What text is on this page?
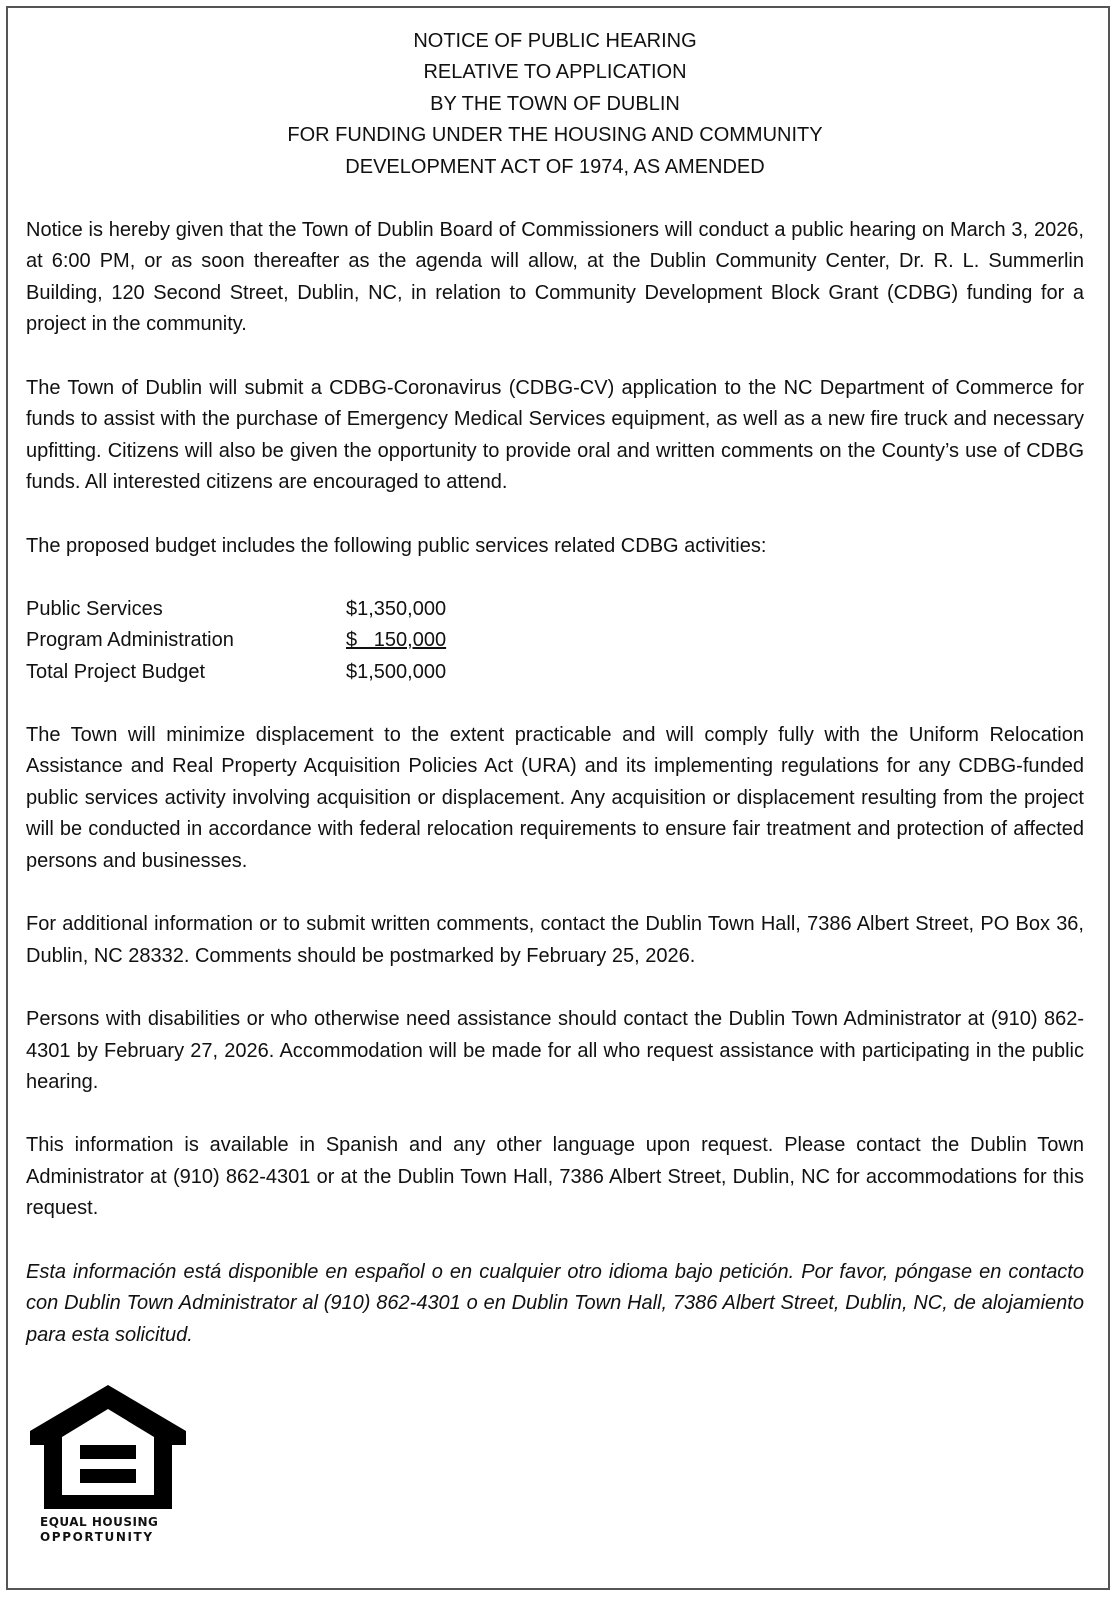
NOTICE OF PUBLIC HEARING
RELATIVE TO APPLICATION
BY THE TOWN OF DUBLIN
FOR FUNDING UNDER THE HOUSING AND COMMUNITY
DEVELOPMENT ACT OF 1974, AS AMENDED

Notice is hereby given that the Town of Dublin Board of Commissioners will conduct a public hearing on March 3, 2026, at 6:00 PM, or as soon thereafter as the agenda will allow, at the Dublin Community Center, Dr. R. L. Summerlin Building, 120 Second Street, Dublin, NC, in relation to Community Development Block Grant (CDBG) funding for a project in the community.

The Town of Dublin will submit a CDBG-Coronavirus (CDBG-CV) application to the NC Department of Commerce for funds to assist with the purchase of Emergency Medical Services equipment, as well as a new fire truck and necessary upfitting. Citizens will also be given the opportunity to provide oral and written comments on the County’s use of CDBG funds. All interested citizens are encouraged to attend.

The proposed budget includes the following public services related CDBG activities:

Public Services	$1,350,000
Program Administration	$   150,000
Total Project Budget	$1,500,000

The Town will minimize displacement to the extent practicable and will comply fully with the Uniform Relocation Assistance and Real Property Acquisition Policies Act (URA) and its implementing regulations for any CDBG-funded public services activity involving acquisition or displacement. Any acquisition or displacement resulting from the project will be conducted in accordance with federal relocation requirements to ensure fair treatment and protection of affected persons and businesses.

For additional information or to submit written comments, contact the Dublin Town Hall, 7386 Albert Street, PO Box 36, Dublin, NC 28332. Comments should be postmarked by February 25, 2026.

Persons with disabilities or who otherwise need assistance should contact the Dublin Town Administrator at (910) 862-4301 by February 27, 2026. Accommodation will be made for all who request assistance with participating in the public hearing.

This information is available in Spanish and any other language upon request. Please contact the Dublin Town Administrator at (910) 862-4301 or at the Dublin Town Hall, 7386 Albert Street, Dublin, NC for accommodations for this request.

Esta información está disponible en español o en cualquier otro idioma bajo petición. Por favor, póngase en contacto con Dublin Town Administrator al (910) 862-4301 o en Dublin Town Hall, 7386 Albert Street, Dublin, NC, de alojamiento para esta solicitud.

EQUAL HOUSING
OPPORTUNITY
